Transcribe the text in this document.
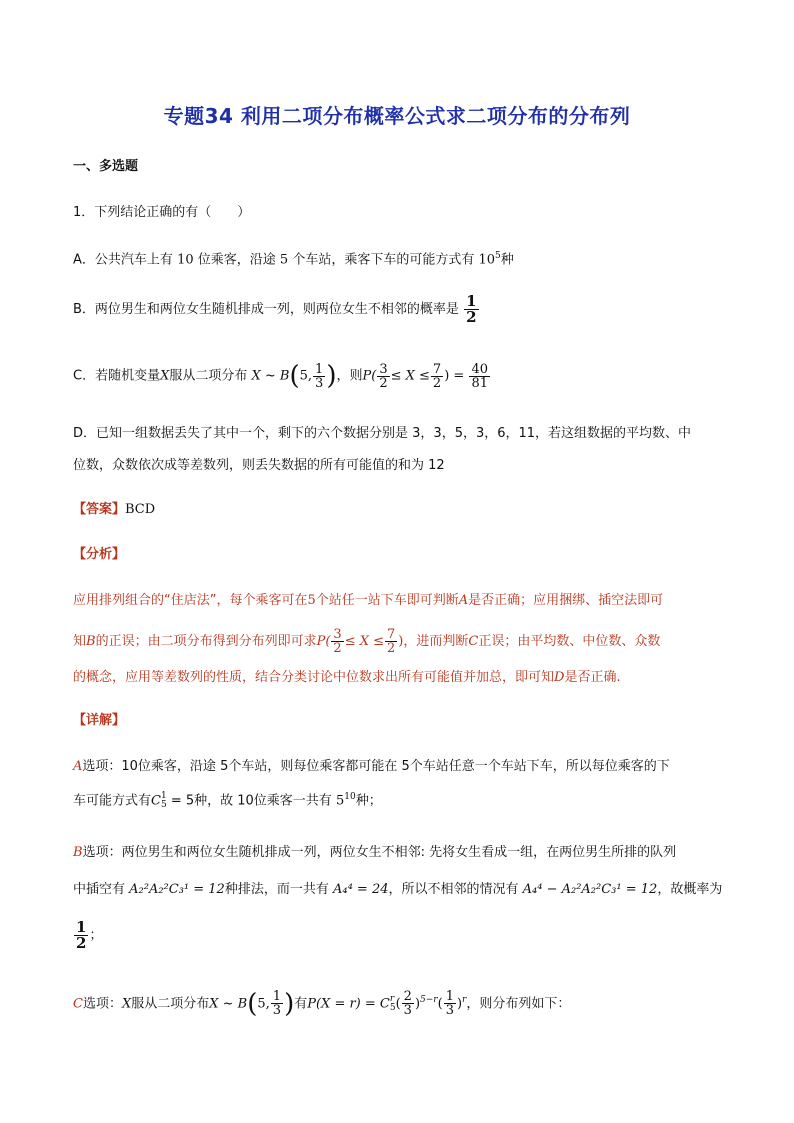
专题34 利用二项分布概率公式求二项分布的分布列
一、多选题
1．下列结论正确的有（　　）
A．公共汽车上有 10 位乘客，沿途 5 个车站，乘客下车的可能方式有 $10^5$种
B．两位男生和两位女生随机排成一列，则两位女生不相邻的概率是 $\frac{1}{2}$
C．若随机变量X服从二项分布 X ~ B(5, $\frac{1}{3}$ )，则$P( \frac{3}{2} \le X \le \frac{7}{2}$ ) = $\frac{40}{81}$
D．已知一组数据丢失了其中一个，剩下的六个数据分别是 3，3，5，3，6，11，若这组数据的平均数、中
位数，众数依次成等差数列，则丢失数据的所有可能值的和为 12
【答案】BCD
【分析】
应用排列组合的“住店法”，每个乘客可在5个站任一站下车即可判断A是否正确；应用捆绑、插空法即可
知B的正误；由二项分布得到分布列即可求$P( \frac{3}{2} \le X \le \frac{7}{2}$ )，进而判断C正误；由平均数、中位数、众数
的概念，应用等差数列的性质，结合分类讨论中位数求出所有可能值并加总，即可知D是否正确.
【详解】
A选项：10位乘客，沿途 5个车站，则每位乘客都可能在 5个车站任意一个车站下车，所以每位乘客的下
车可能方式有C 1
5 = 5种，故 10位乘客一共有 $5^{10}$种；
B选项：两位男生和两位女生随机排成一列，两位女生不相邻: 先将女生看成一组，在两位男生所排的队列
中插空有 A₂²A₂²C₃¹ = 12种排法，而一共有 A₄⁴ = 24，所以不相邻的情况有 A₄⁴ − A₂²A₂²C₃¹ = 12，故概率为
$\frac{1}{2}$ ；
C选项：X服从二项分布X ~ B(5, $\frac{1}{3}$ )有P(X = r) = C r
5 ( $\frac{2}{3} )^{5-r}( \frac{1}{3} )^r$，则分布列如下：
